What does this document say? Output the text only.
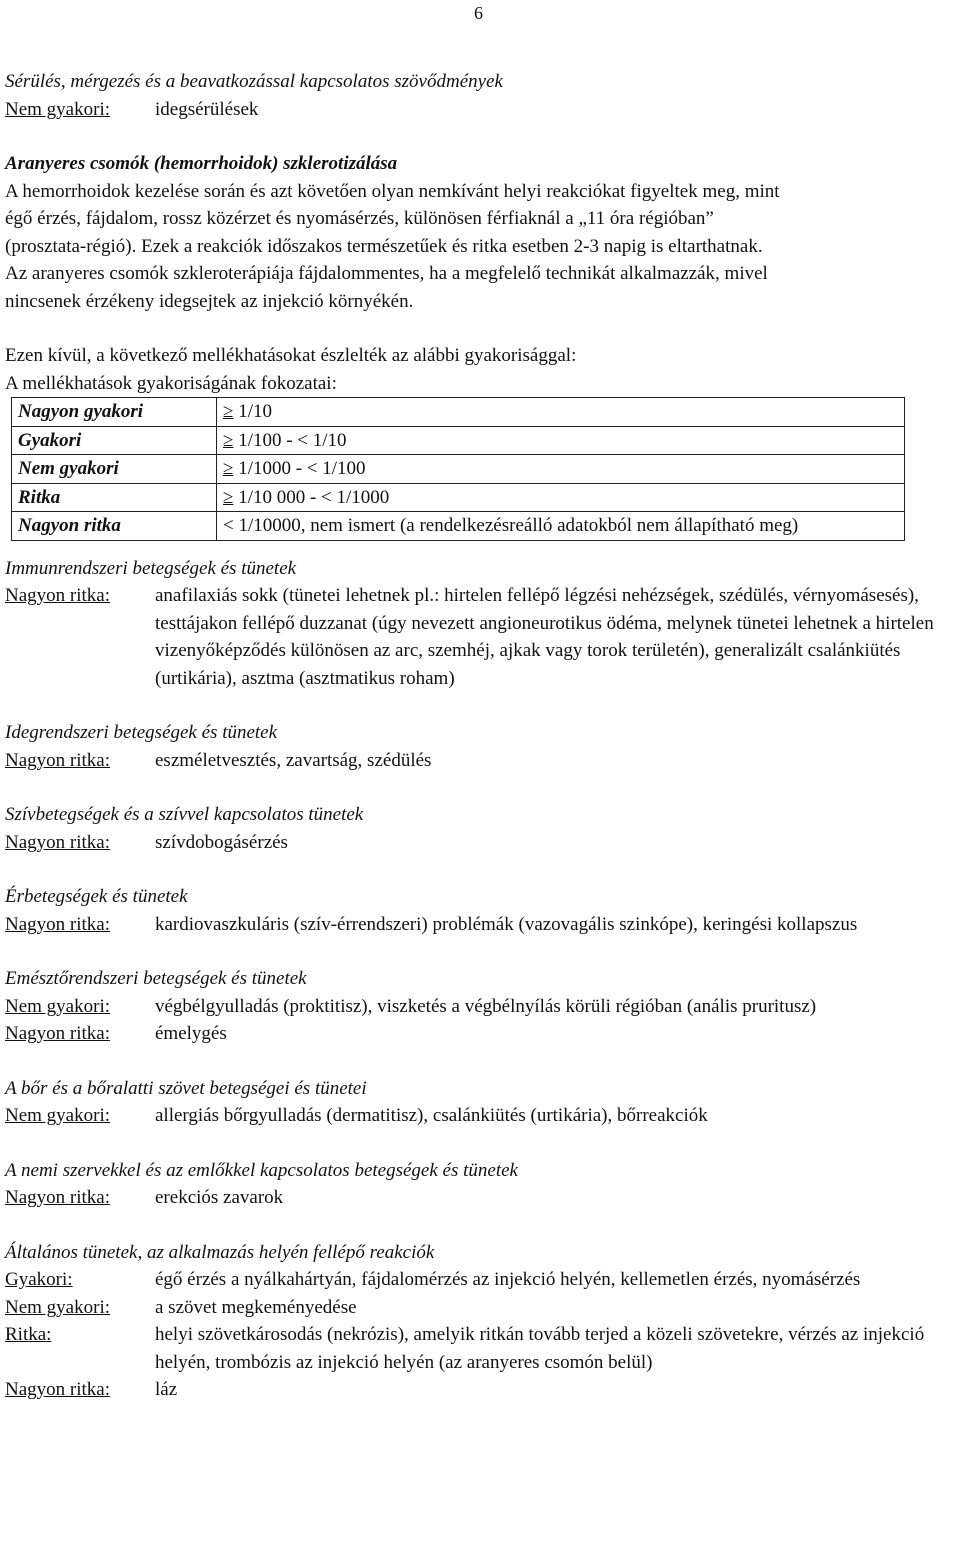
6
Sérülés, mérgezés és a beavatkozással kapcsolatos szövődmények
Nem gyakori:	idegsérülések
Aranyeres csomók (hemorrhoidok) szklerotizálása
A hemorrhoidok kezelése során és azt követően olyan nemkívánt helyi reakciókat figyeltek meg, mint
égő érzés, fájdalom, rossz közérzet és nyomásérzés, különösen férfiaknál a „11 óra régióban”
(prosztata-régió). Ezek a reakciók időszakos természetűek és ritka esetben 2-3 napig is eltarthatnak.
Az aranyeres csomók szkleroterápiája fájdalommentes, ha a megfelelő technikát alkalmazzák, mivel
nincsenek érzékeny idegsejtek az injekció környékén.
Ezen kívül, a következő mellékhatásokat észlelték az alábbi gyakorisággal:
A mellékhatások gyakoriságának fokozatai:
Nagyon gyakori	≥ 1/10
Gyakori	≥ 1/100 - < 1/10
Nem gyakori	≥ 1/1000 - < 1/100
Ritka	≥ 1/10 000 - < 1/1000
Nagyon ritka	< 1/10000, nem ismert (a rendelkezésreálló adatokból nem állapítható meg)
Immunrendszeri betegségek és tünetek
Nagyon ritka:	anafilaxiás sokk (tünetei lehetnek pl.: hirtelen fellépő légzési nehézségek, szédülés, vérnyomásesés), testtájakon fellépő duzzanat (úgy nevezett angioneurotikus ödéma, melynek tünetei lehetnek a hirtelen vizenyőképződés különösen az arc, szemhéj, ajkak vagy torok területén), generalizált csalánkiütés (urtikária), asztma (asztmatikus roham)
Idegrendszeri betegségek és tünetek
Nagyon ritka:	eszméletvesztés, zavartság, szédülés
Szívbetegségek és a szívvel kapcsolatos tünetek
Nagyon ritka:	szívdobogásérzés
Érbetegségek és tünetek
Nagyon ritka:	kardiovaszkuláris (szív-érrendszeri) problémák (vazovagális szinkópe), keringési kollapszus
Emésztőrendszeri betegségek és tünetek
Nem gyakori:	végbélgyulladás (proktitisz), viszketés a végbélnyílás körüli régióban (anális pruritusz)
Nagyon ritka:	émelygés
A bőr és a bőralatti szövet betegségei és tünetei
Nem gyakori:	allergiás bőrgyulladás (dermatitisz), csalánkiütés (urtikária), bőrreakciók
A nemi szervekkel és az emlőkkel kapcsolatos betegségek és tünetek
Nagyon ritka:	erekciós zavarok
Általános tünetek, az alkalmazás helyén fellépő reakciók
Gyakori:	égő érzés a nyálkahártyán, fájdalomérzés az injekció helyén, kellemetlen érzés, nyomásérzés
Nem gyakori:	a szövet megkeményedése
Ritka:	helyi szövetkárosodás (nekrózis), amelyik ritkán tovább terjed a közeli szövetekre, vérzés az injekció helyén, trombózis az injekció helyén (az aranyeres csomón belül)
Nagyon ritka:	láz
